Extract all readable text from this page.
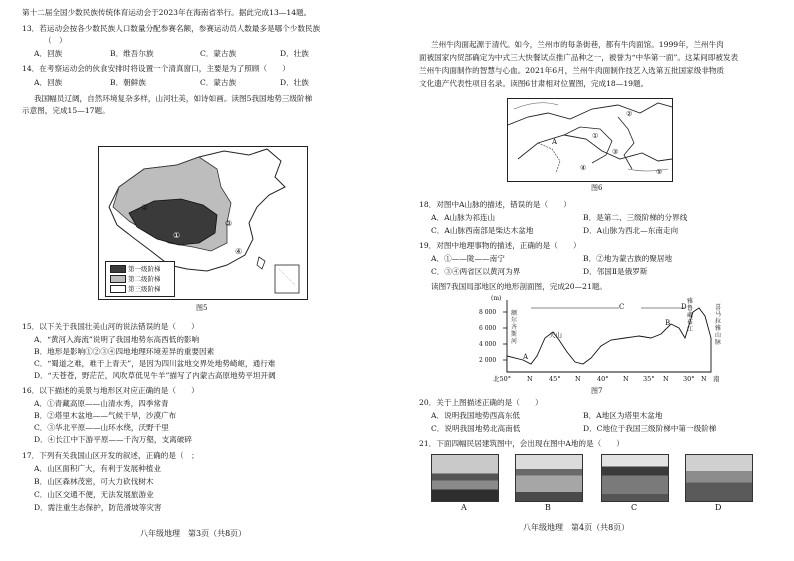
第十二届全国少数民族传统体育运动会于2023年在海南省举行。据此完成13—14题。
13．若运动会按各少数民族人口数量分配参赛名额，参赛运动员人数最多是哪个少数民族
（　）
A．回族	B．维吾尔族	C．蒙古族	D．壮族
14．在考察运动会的伙食安排时将设置一个清真窗口，主要是为了照顾（　　）
A．回族	B．朝鲜族	C．蒙古族	D．壮族
我国幅员辽阔，自然环境复杂多样，山河壮美，如诗如画。读图5我国地势三级阶梯
示意图，完成15—17题。
②
①
③
④
第一级阶梯
第二级阶梯
第三级阶梯
图5
15．以下关于我国壮美山河的说法错误的是（　　）
A．“黄河入海流”说明了我国地势东高西低的影响
B．地形是影响①②③④四地地理环境差异的重要因素
C．“蜀道之难，难于上青天”，是因为四川盆地交界处地势崎岖，通行难
D．“天苍苍，野茫茫，风吹草低见牛羊”描写了内蒙古高原地势平坦开阔
16．以下描述的美景与地形区对应正确的是（　　）
A．①青藏高原——山清水秀，四季常青
B．②塔里木盆地——气候干旱，沙漠广布
C．③华北平原——山环水绕，沃野千里
D．④长江中下游平原——千沟万壑，支离破碎
17．下列有关我国山区开发的叙述，正确的是（　；
A．山区面积广大，有利于发展种植业
B．山区森林茂密，可大力砍伐树木
C．山区交通不便，无法发展旅游业
D．需注重生态保护，防范滑坡等灾害
八年级地理　第3页（共8页）
兰州牛肉面起源于清代。如今，兰州市的每条街巷，都有牛肉面馆。1999年，兰州牛肉
面被国家内贸部确定为中式三大快餐试点推广品种之一，被誉为“中华第一面”。这某间即被发表
兰州牛肉面制作的智慧与心血。2021年6月，兰州牛肉面制作技艺入选第五批国家级非物质
文化遗产代表性项目名录。读图6甘肃相对位置图，完成18—19题。
A
①
②
③
④	⑤
图6
18．对图中A山脉的描述，错误的是（　　）
A．A山脉为祁连山	B．是第二、三级阶梯的分界线
C．A山脉西南部是柴达木盆地	D．A山脉为西北—东南走向
19．对图中地理事物的描述，正确的是（　　）
A．①——陇——南宁	B．②地为蒙古族的聚居地
C．③④两省区以黄河为界	D．邻国Ⅱ是俄罗斯
读图7我国局部地区的地形剖面图，完成20—21题。
8 000
6 000
4 000
2 000
(m)
C	D
A
B
天山
额尔齐斯河
雅鲁藏布江
喜马拉雅山脉
北50° N	45° N	40° N 35° N 30° N 南
图7
20．关于上图描述正确的是（　　）
A．说明我国地势西高东低	B．A地区为塔里木盆地
C．说明我国地势北高南低	D．C地位于我国三级阶梯中第一级阶梯
21．下面四幅民居建筑图中，会出现在图中A地的是（　　）
A	B	C	D
八年级地理　第4页（共8页）
